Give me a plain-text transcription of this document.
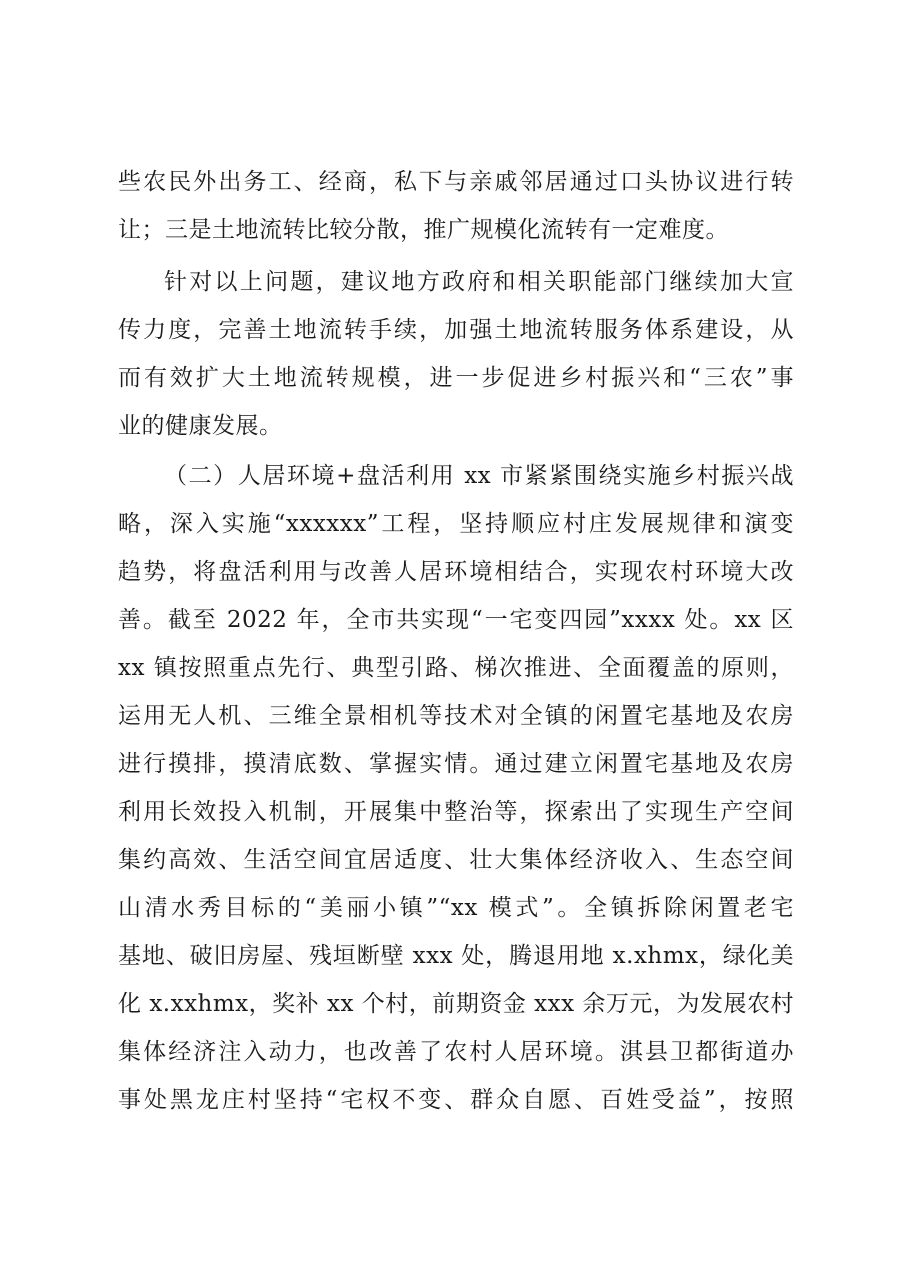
些农民外出务工、经商，私下与亲戚邻居通过口头协议进行转
让；三是土地流转比较分散，推广规模化流转有一定难度。
针对以上问题，建议地方政府和相关职能部门继续加大宣
传力度，完善土地流转手续，加强土地流转服务体系建设，从
而有效扩大土地流转规模，进一步促进乡村振兴和“三农”事
业的健康发展。
（二）人居环境+盘活利用 xx 市紧紧围绕实施乡村振兴战
略，深入实施“xxxxxx”工程，坚持顺应村庄发展规律和演变
趋势，将盘活利用与改善人居环境相结合，实现农村环境大改
善。截至 2022 年，全市共实现“一宅变四园”xxxx 处。xx 区
xx 镇按照重点先行、典型引路、梯次推进、全面覆盖的原则，
运用无人机、三维全景相机等技术对全镇的闲置宅基地及农房
进行摸排，摸清底数、掌握实情。通过建立闲置宅基地及农房
利用长效投入机制，开展集中整治等，探索出了实现生产空间
集约高效、生活空间宜居适度、壮大集体经济收入、生态空间
山清水秀目标的“美丽小镇”“xx 模式”。全镇拆除闲置老宅
基地、破旧房屋、残垣断壁 xxx 处，腾退用地 x.xhmx，绿化美
化 x.xxhmx，奖补 xx 个村，前期资金 xxx 余万元，为发展农村
集体经济注入动力，也改善了农村人居环境。淇县卫都街道办
事处黑龙庄村坚持“宅权不变、群众自愿、百姓受益”，按照
